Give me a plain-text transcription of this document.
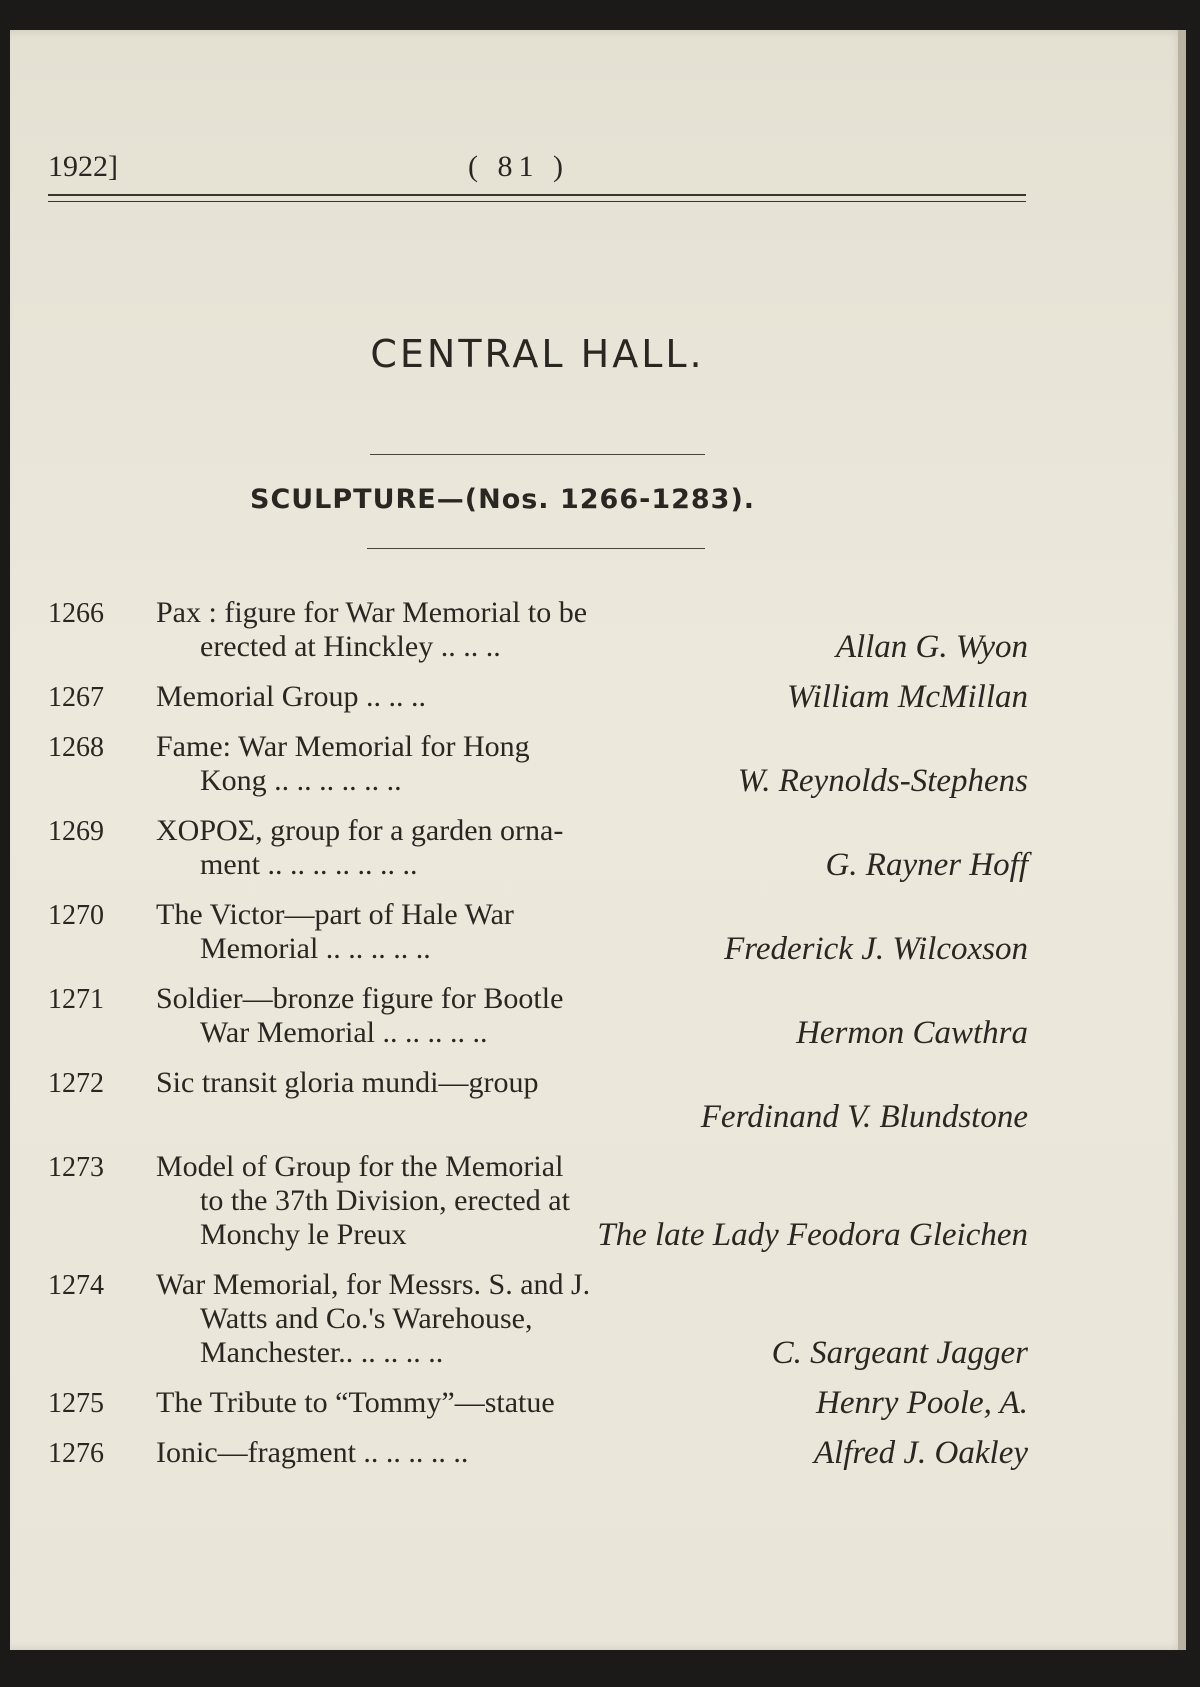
1922]	( 81 )
CENTRAL HALL.
SCULPTURE—(Nos. 1266-1283).
1266 Pax : figure for War Memorial to be
erected at Hinckley .. .. ..	Allan G. Wyon
1267 Memorial Group .. .. ..	William McMillan
1268 Fame: War Memorial for Hong
Kong .. .. .. .. .. ..	W. Reynolds-Stephens
1269 ΧΟΡΟΣ, group for a garden orna-
ment .. .. .. .. .. .. ..	G. Rayner Hoff
1270 The Victor—part of Hale War
Memorial .. .. .. .. ..	Frederick J. Wilcoxson
1271 Soldier—bronze figure for Bootle
War Memorial .. .. .. .. ..	Hermon Cawthra
1272 Sic transit gloria mundi—group
Ferdinand V. Blundstone
1273 Model of Group for the Memorial
to the 37th Division, erected at
Monchy le Preux	The late Lady Feodora Gleichen
1274 War Memorial, for Messrs. S. and J.
Watts and Co.'s Warehouse,
Manchester.. .. .. .. ..	C. Sargeant Jagger
1275 The Tribute to “Tommy”—statue	Henry Poole, A.
1276 Ionic—fragment .. .. .. .. ..	Alfred J. Oakley
